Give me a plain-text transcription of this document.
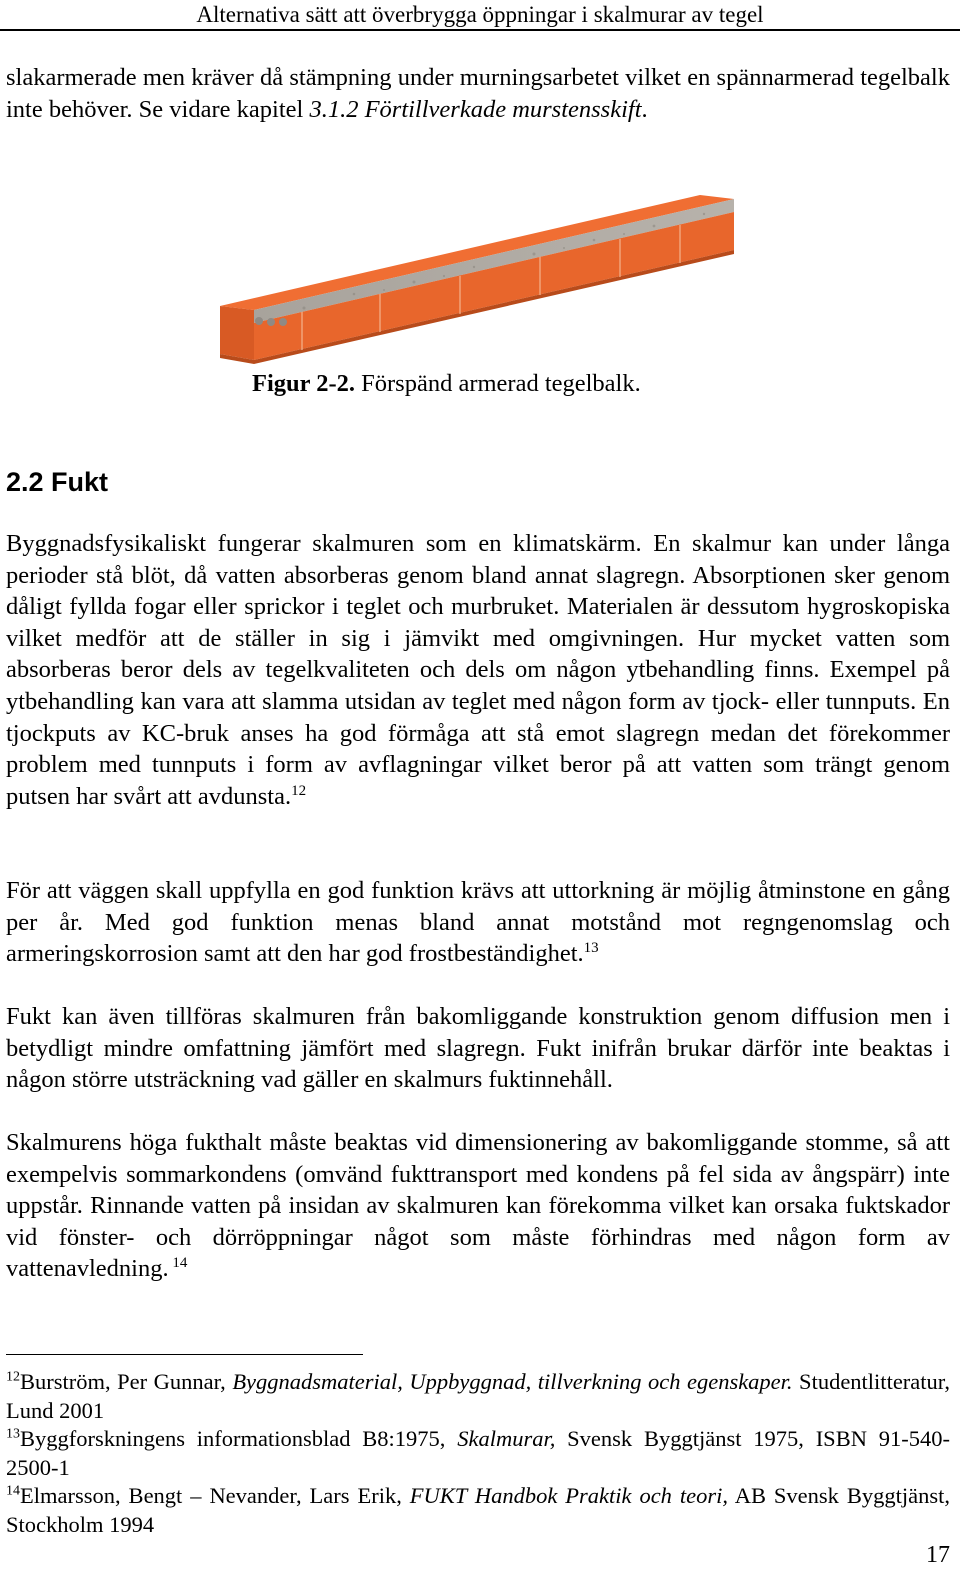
Alternativa sätt att överbrygga öppningar i skalmurar av tegel
slakarmerade men kräver då stämpning under murningsarbetet vilket en spännarmerad tegelbalk inte behöver. Se vidare kapitel 3.1.2 Förtillverkade murstensskift.
Figur 2-2. Förspänd armerad tegelbalk.
2.2 Fukt
Byggnadsfysikaliskt fungerar skalmuren som en klimatskärm. En skalmur kan under långa perioder stå blöt, då vatten absorberas genom bland annat slagregn. Absorptionen sker genom dåligt fyllda fogar eller sprickor i teglet och murbruket. Materialen är dessutom hygroskopiska vilket medför att de ställer in sig i jämvikt med omgivningen. Hur mycket vatten som absorberas beror dels av tegelkvaliteten och dels om någon ytbehandling finns. Exempel på ytbehandling kan vara att slamma utsidan av teglet med någon form av tjock- eller tunnputs. En tjockputs av KC-bruk anses ha god förmåga att stå emot slagregn medan det förekommer problem med tunnputs i form av avflagningar vilket beror på att vatten som trängt genom putsen har svårt att avdunsta.$^{12}$
För att väggen skall uppfylla en god funktion krävs att uttorkning är möjlig åtminstone en gång per år. Med god funktion menas bland annat motstånd mot regngenomslag och armeringskorrosion samt att den har god frostbeständighet.$^{13}$
Fukt kan även tillföras skalmuren från bakomliggande konstruktion genom diffusion men i betydligt mindre omfattning jämfört med slagregn. Fukt inifrån brukar därför inte beaktas i någon större utsträckning vad gäller en skalmurs fuktinnehåll.
Skalmurens höga fukthalt måste beaktas vid dimensionering av bakomliggande stomme, så att exempelvis sommarkondens (omvänd fukttransport med kondens på fel sida av ångspärr) inte uppstår. Rinnande vatten på insidan av skalmuren kan förekomma vilket kan orsaka fuktskador vid fönster- och dörröppningar något som måste förhindras med någon form av vattenavledning. $^{14}$

$^{12}$Burström, Per Gunnar, Byggnadsmaterial, Uppbyggnad, tillverkning och egenskaper. Studentlitteratur, Lund 2001

$^{13}$Byggforskningens informationsblad B8:1975, Skalmurar, Svensk Byggtjänst 1975, ISBN 91-540-2500-1

$^{14}$Elmarsson, Bengt – Nevander, Lars Erik, FUKT Handbok Praktik och teori, AB Svensk Byggtjänst, Stockholm 1994

17
